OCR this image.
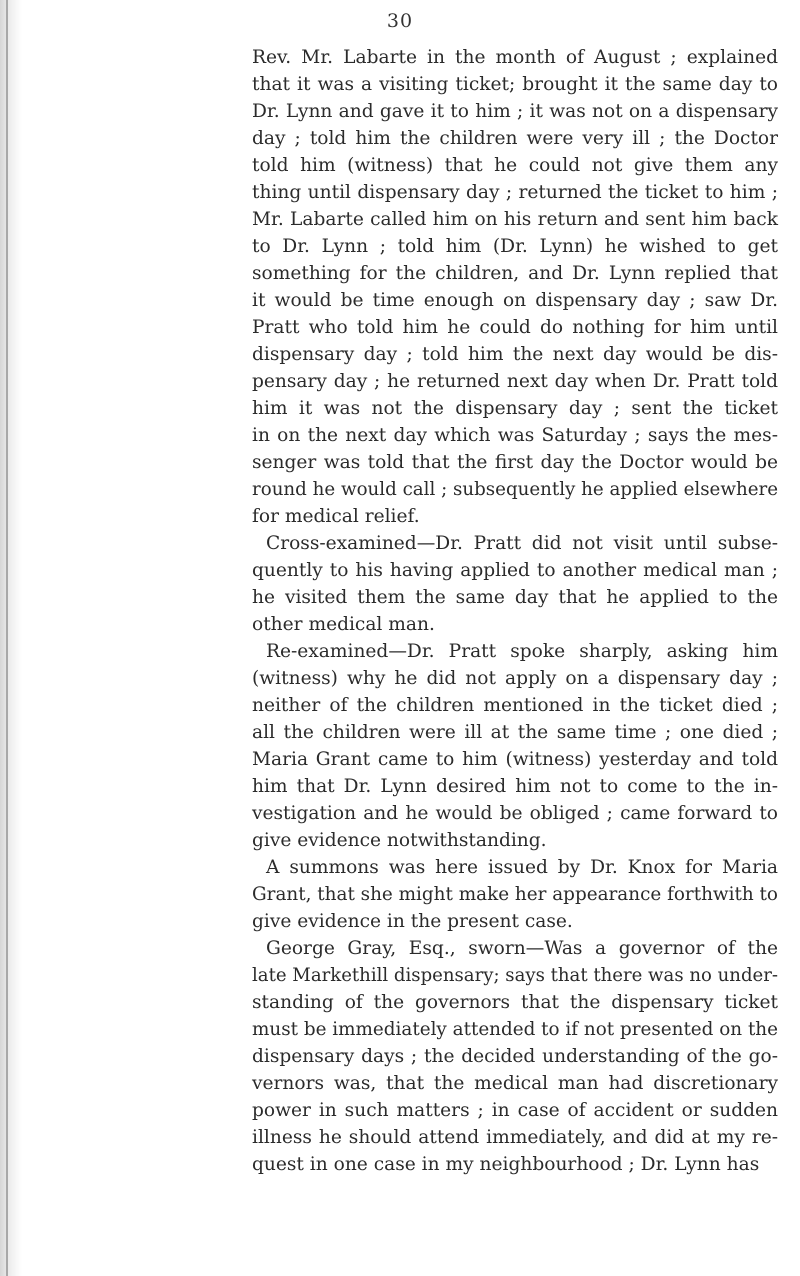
30
Rev. Mr. Labarte in the month of August ; explained
that it was a visiting ticket; brought it the same day to
Dr. Lynn and gave it to him ; it was not on a dispensary
day ; told him the children were very ill ; the Doctor
told him (witness) that he could not give them any
thing until dispensary day ; returned the ticket to him ;
Mr. Labarte called him on his return and sent him back
to Dr. Lynn ; told him (Dr. Lynn) he wished to get
something for the children, and Dr. Lynn replied that
it would be time enough on dispensary day ; saw Dr.
Pratt who told him he could do nothing for him until
dispensary day ; told him the next day would be dis-
pensary day ; he returned next day when Dr. Pratt told
him it was not the dispensary day ; sent the ticket
in on the next day which was Saturday ; says the mes-
senger was told that the first day the Doctor would be
round he would call ; subsequently he applied elsewhere
for medical relief.
Cross-examined—Dr. Pratt did not visit until subse-
quently to his having applied to another medical man ;
he visited them the same day that he applied to the
other medical man.
Re-examined—Dr. Pratt spoke sharply, asking him
(witness) why he did not apply on a dispensary day ;
neither of the children mentioned in the ticket died ;
all the children were ill at the same time ; one died ;
Maria Grant came to him (witness) yesterday and told
him that Dr. Lynn desired him not to come to the in-
vestigation and he would be obliged ; came forward to
give evidence notwithstanding.
A summons was here issued by Dr. Knox for Maria
Grant, that she might make her appearance forthwith to
give evidence in the present case.
George Gray, Esq., sworn—Was a governor of the
late Markethill dispensary; says that there was no under-
standing of the governors that the dispensary ticket
must be immediately attended to if not presented on the
dispensary days ; the decided understanding of the go-
vernors was, that the medical man had discretionary
power in such matters ; in case of accident or sudden
illness he should attend immediately, and did at my re-
quest in one case in my neighbourhood ; Dr. Lynn has
